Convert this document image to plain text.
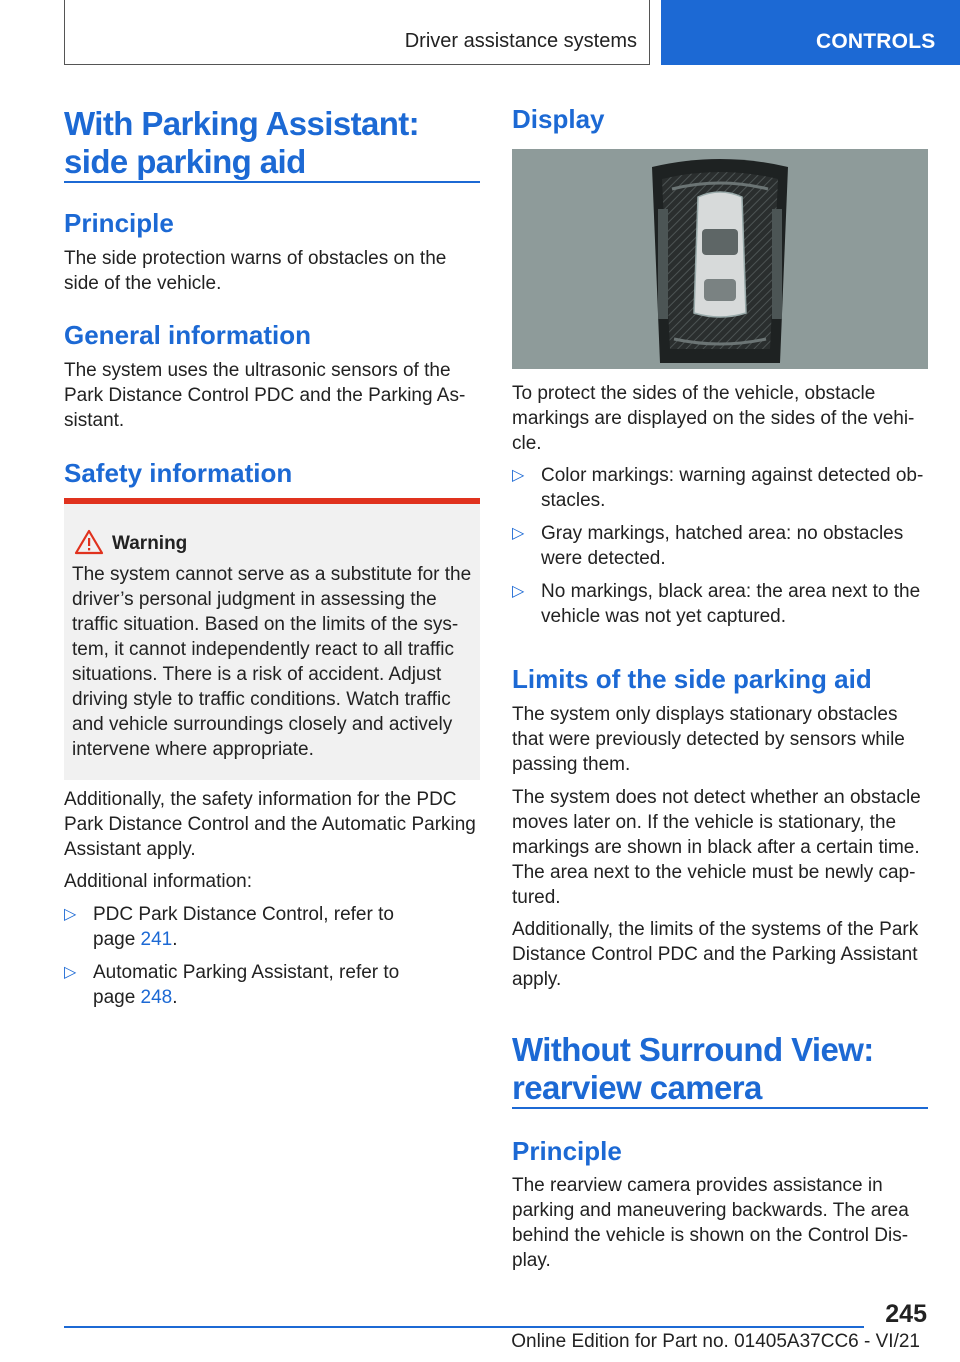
Driver assistance systems	CONTROLS
With Parking Assistant:
side parking aid
Principle
The side protection warns of obstacles on the
side of the vehicle.
General information
The system uses the ultrasonic sensors of the
Park Distance Control PDC and the Parking As‐
sistant.
Safety information
Warning
The system cannot serve as a substitute for the
driver’s personal judgment in assessing the
traffic situation. Based on the limits of the sys‐
tem, it cannot independently react to all traffic
situations. There is a risk of accident. Adjust
driving style to traffic conditions. Watch traffic
and vehicle surroundings closely and actively
intervene where appropriate.
Additionally, the safety information for the PDC
Park Distance Control and the Automatic Parking
Assistant apply.
Additional information:
▷ PDC Park Distance Control, refer to
page 241.
▷ Automatic Parking Assistant, refer to
page 248.
Display
To protect the sides of the vehicle, obstacle
markings are displayed on the sides of the vehi‐
cle.
▷ Color markings: warning against detected ob‐
stacles.
▷ Gray markings, hatched area: no obstacles
were detected.
▷ No markings, black area: the area next to the
vehicle was not yet captured.
Limits of the side parking aid
The system only displays stationary obstacles
that were previously detected by sensors while
passing them.
The system does not detect whether an obstacle
moves later on. If the vehicle is stationary, the
markings are shown in black after a certain time.
The area next to the vehicle must be newly cap‐
tured.
Additionally, the limits of the systems of the Park
Distance Control PDC and the Parking Assistant
apply.
Without Surround View:
rearview camera
Principle
The rearview camera provides assistance in
parking and maneuvering backwards. The area
behind the vehicle is shown on the Control Dis‐
play.
245
Online Edition for Part no. 01405A37CC6 - VI/21
